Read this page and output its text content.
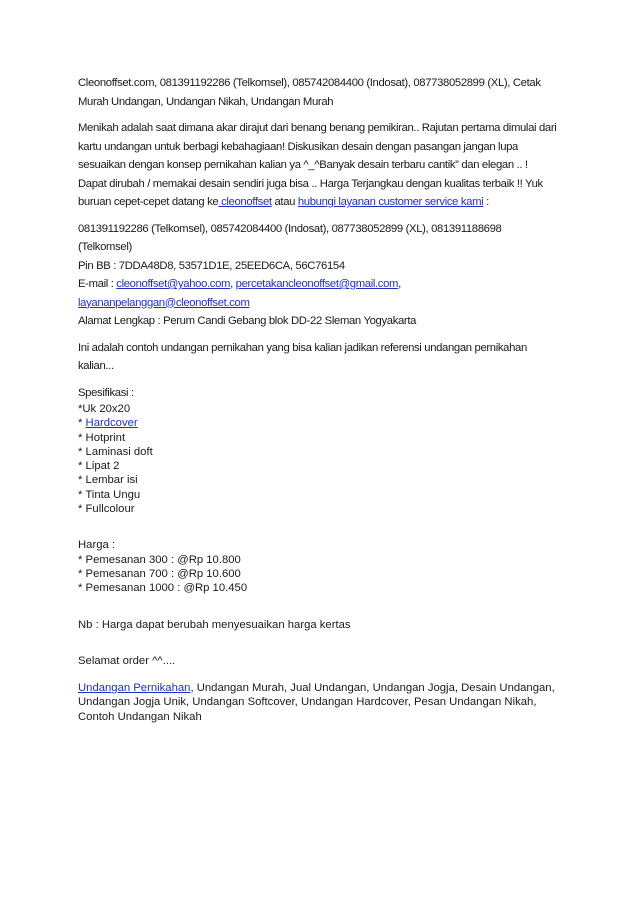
Cleonoffset.com, 081391192286 (Telkomsel), 085742084400 (Indosat), 087738052899 (XL), Cetak Murah Undangan, Undangan Nikah, Undangan Murah

Menikah adalah saat dimana akar dirajut dari benang benang pemikiran.. Rajutan pertama dimulai dari kartu undangan untuk berbagi kebahagiaan! Diskusikan desain dengan pasangan jangan lupa sesuaikan dengan konsep pernikahan kalian ya ^_^Banyak desain terbaru cantik” dan elegan .. ! Dapat dirubah / memakai desain sendiri juga bisa .. Harga Terjangkau dengan kualitas terbaik !! Yuk buruan cepet-cepet datang ke cleonoffset atau hubungi layanan customer service kami :

081391192286 (Telkomsel), 085742084400 (Indosat), 087738052899 (XL), 081391188698 (Telkomsel)

Pin BB : 7DDA48D8, 53571D1E, 25EED6CA, 56C76154

E-mail : cleonoffset@yahoo.com, percetakancleonoffset@gmail.com,

layananpelanggan@cleonoffset.com

Alamat Lengkap : Perum Candi Gebang blok DD-22 Sleman Yogyakarta

Ini adalah contoh undangan pernikahan yang bisa kalian jadikan referensi undangan pernikahan kalian...

Spesifikasi :

*Uk 20x20

* Hardcover

* Hotprint

* Laminasi doft

* Lipat 2

* Lembar isi

* Tinta Ungu

* Fullcolour

Harga :

* Pemesanan 300 : @Rp 10.800

* Pemesanan 700 : @Rp 10.600

* Pemesanan 1000 : @Rp 10.450

Nb : Harga dapat berubah menyesuaikan harga kertas

Selamat order ^^....

Undangan Pernikahan, Undangan Murah, Jual Undangan, Undangan Jogja, Desain Undangan, Undangan Jogja Unik, Undangan Softcover, Undangan Hardcover, Pesan Undangan Nikah, Contoh Undangan Nikah
